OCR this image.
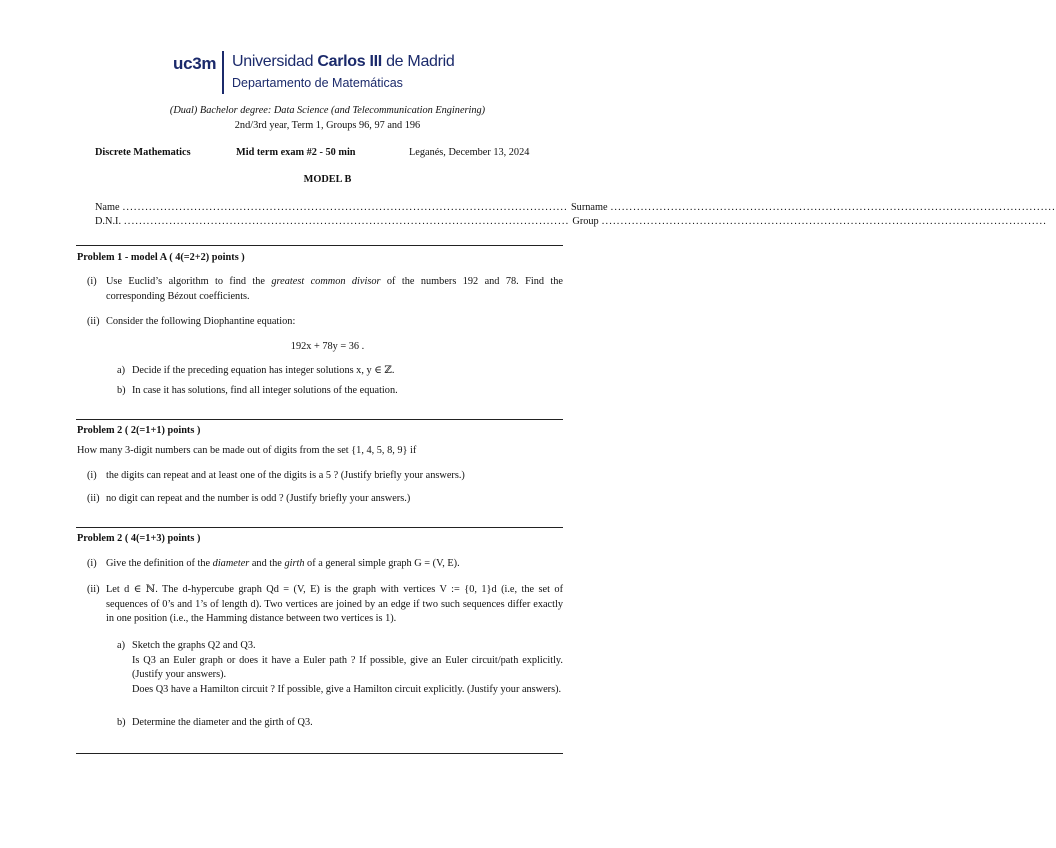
uc3m Universidad Carlos III de Madrid
Departamento de Matemáticas
(Dual) Bachelor degree: Data Science (and Telecommunication Enginering)
2nd/3rd year, Term 1, Groups 96, 97 and 196
Discrete Mathematics	Mid term exam #2 - 50 min	Leganés, December 13, 2024
MODEL B
Name ...................................................................................................................... Surname ......................................................................................................................
D.N.I. ...................................................................................................................... Group ......................................................................................................................
Problem 1 - model A ( 4(=2+2) points )
(i) Use Euclid’s algorithm to find the greatest common divisor of the numbers 192 and 78. Find the corresponding Bézout coefficients.
(ii) Consider the following Diophantine equation:
192x + 78y = 36 .
a) Decide if the preceding equation has integer solutions x, y ∈ ℤ.
b) In case it has solutions, find all integer solutions of the equation.
Problem 2 ( 2(=1+1) points )
How many 3-digit numbers can be made out of digits from the set {1, 4, 5, 8, 9} if
(i) the digits can repeat and at least one of the digits is a 5 ? (Justify briefly your answers.)
(ii) no digit can repeat and the number is odd ? (Justify briefly your answers.)
Problem 2 ( 4(=1+3) points )
(i) Give the definition of the diameter and the girth of a general simple graph G = (V, E).
(ii) Let d ∈ ℕ. The d-hypercube graph Qd = (V, E) is the graph with vertices V := {0, 1}d (i.e, the set of sequences of 0’s and 1’s of length d). Two vertices are joined by an edge if two such sequences differ exactly in one position (i.e., the Hamming distance between two vertices is 1).
a) Sketch the graphs Q2 and Q3.
Is Q3 an Euler graph or does it have a Euler path ? If possible, give an Euler circuit/path explicitly. (Justify your answers).
Does Q3 have a Hamilton circuit ? If possible, give a Hamilton circuit explicitly. (Justify your answers).
b) Determine the diameter and the girth of Q3.
